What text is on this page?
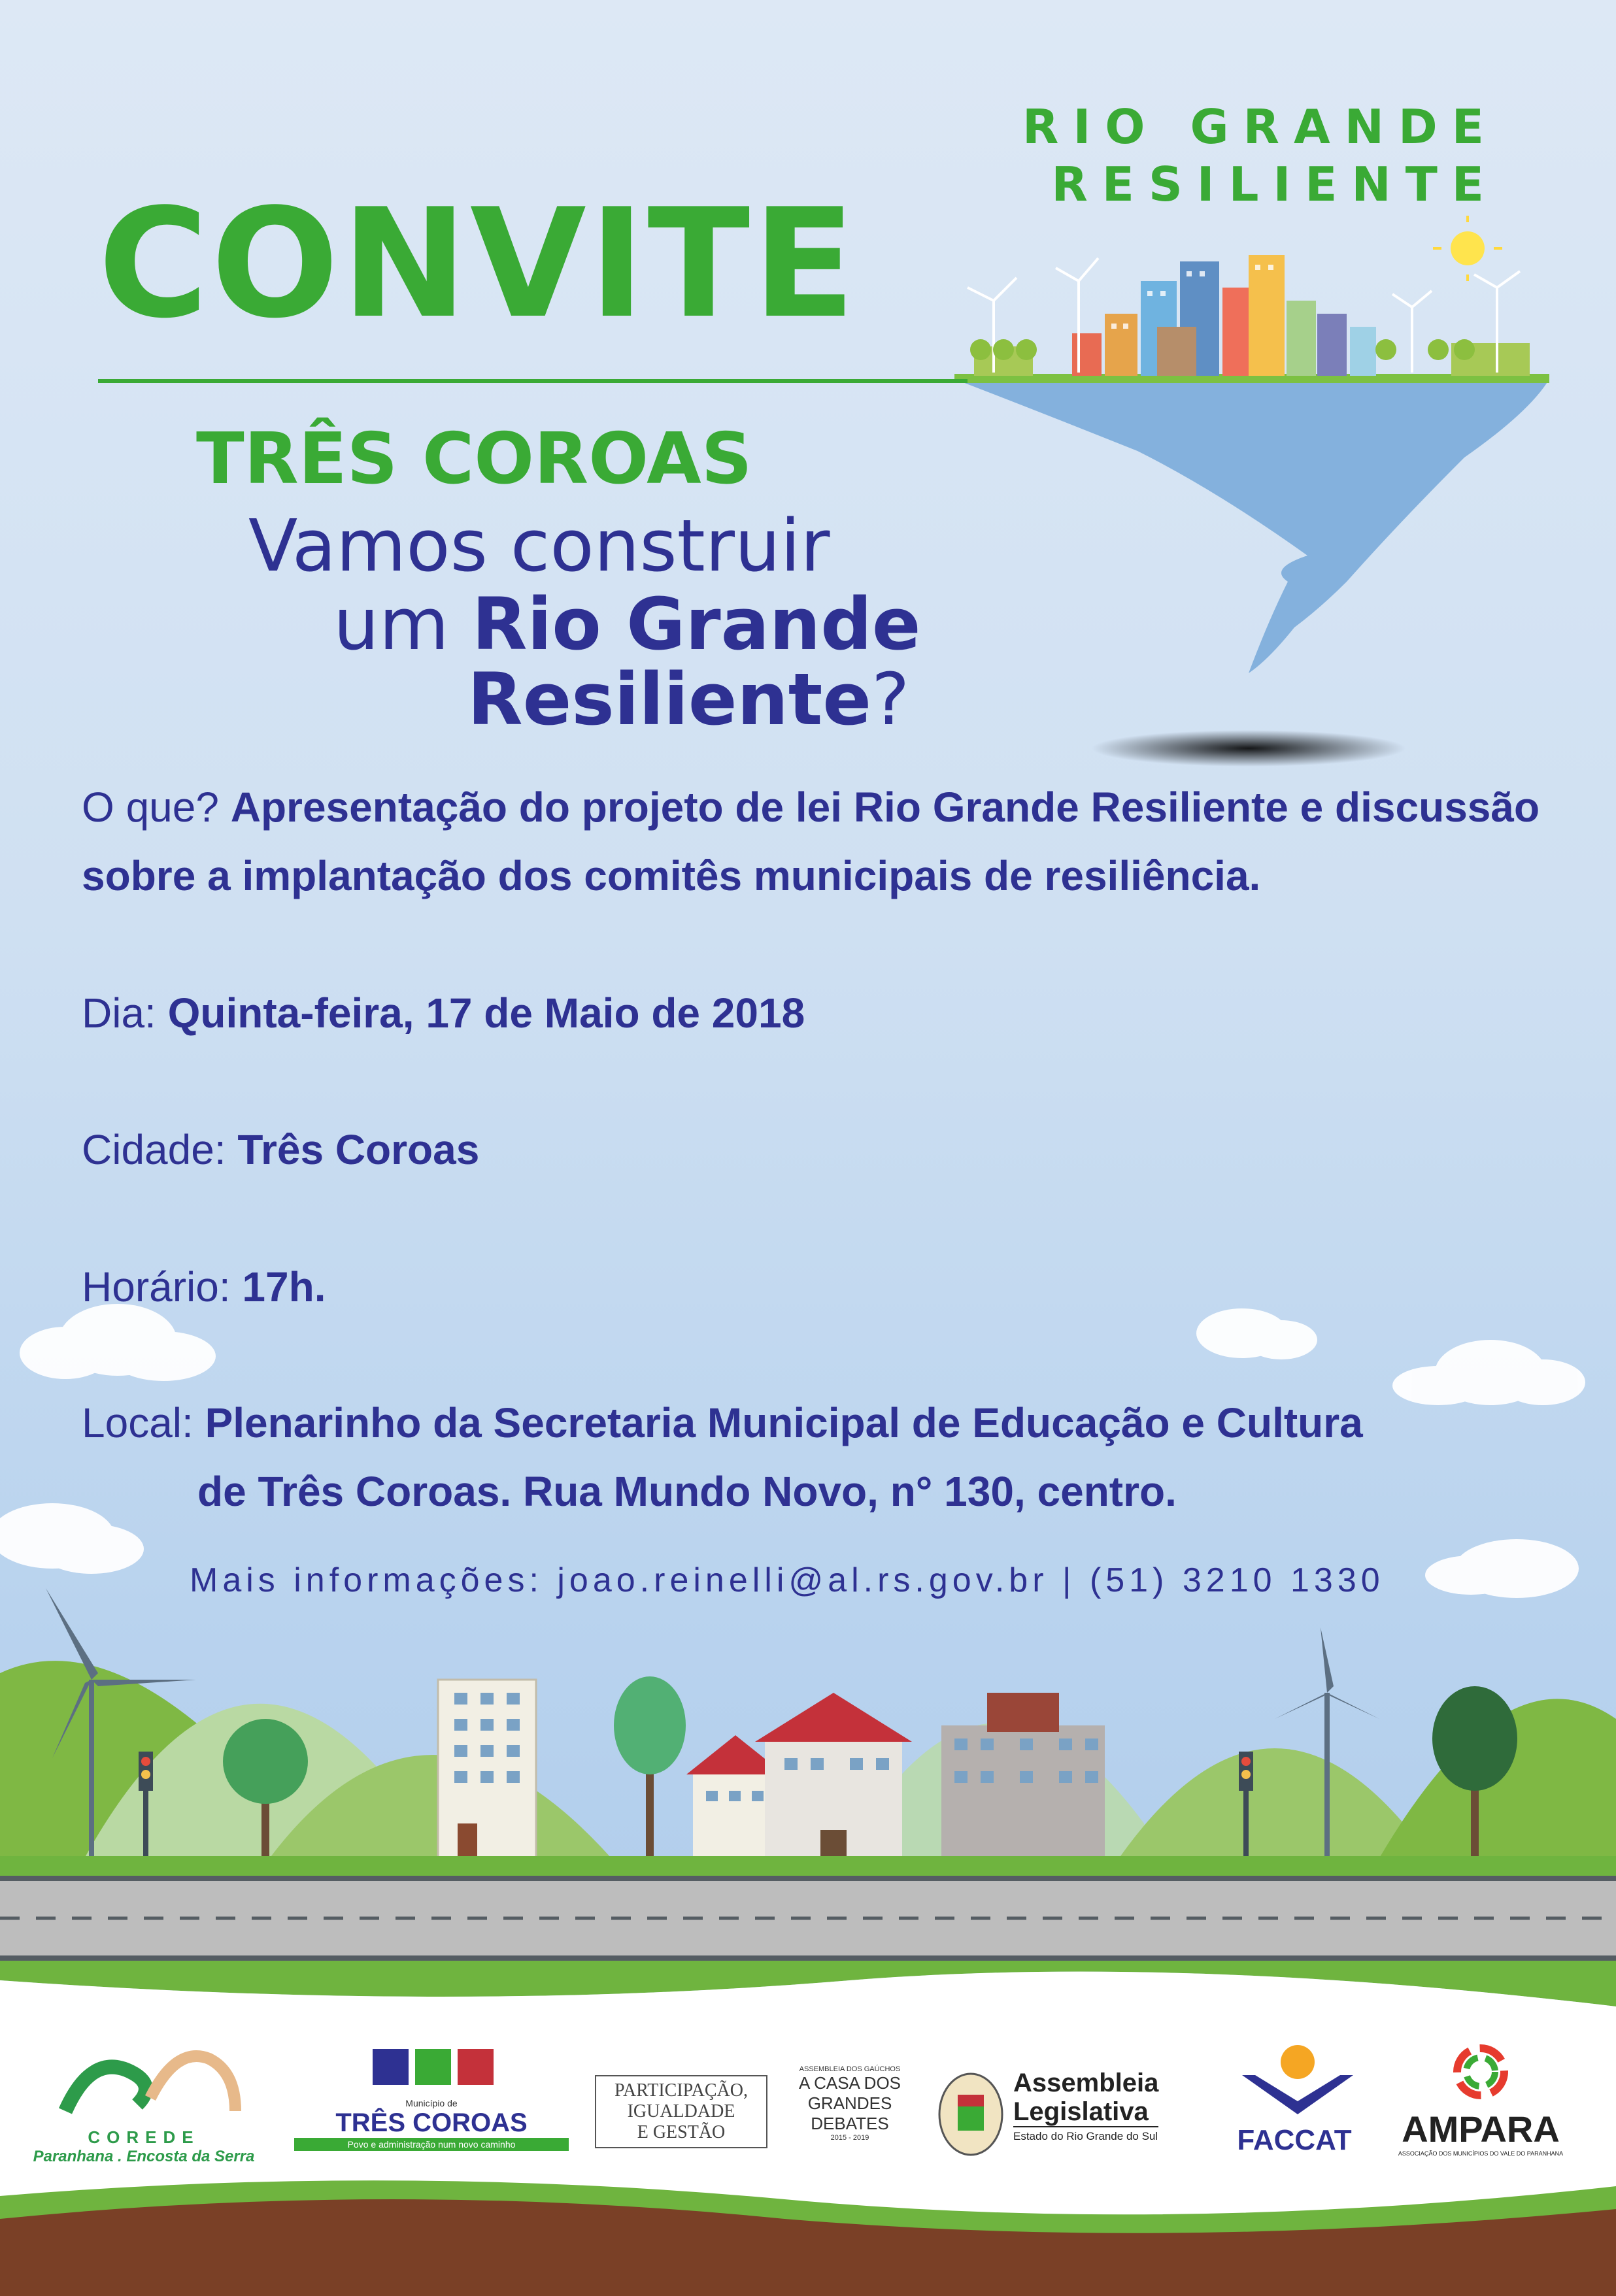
RIO GRANDE
RESILIENTE
CONVITE
TRÊS COROAS
Vamos construir
um Rio Grande
Resiliente?
O que? Apresentação do projeto de lei Rio Grande Resiliente e discussão
sobre a implantação dos comitês municipais de resiliência.
Dia: Quinta-feira, 17 de Maio de 2018
Cidade: Três Coroas
Horário: 17h.
Local: Plenarinho da Secretaria Municipal de Educação e Cultura
de Três Coroas. Rua Mundo Novo, n° 130, centro.
Mais informações: joao.reinelli@al.rs.gov.br | (51) 3210 1330
COREDE
Paranhana . Encosta da Serra
Município de
TRÊS COROAS
Povo e administração num novo caminho
PARTICIPAÇÃO,
IGUALDADE
E GESTÃO
ASSEMBLEIA DOS GAÚCHOS
A CASA DOS
GRANDES
DEBATES
2015 - 2019
Assembleia
Legislativa
Estado do Rio Grande do Sul	FACCAT	AMPARA
ASSOCIAÇÃO DOS MUNICÍPIOS DO VALE DO PARANHANA
